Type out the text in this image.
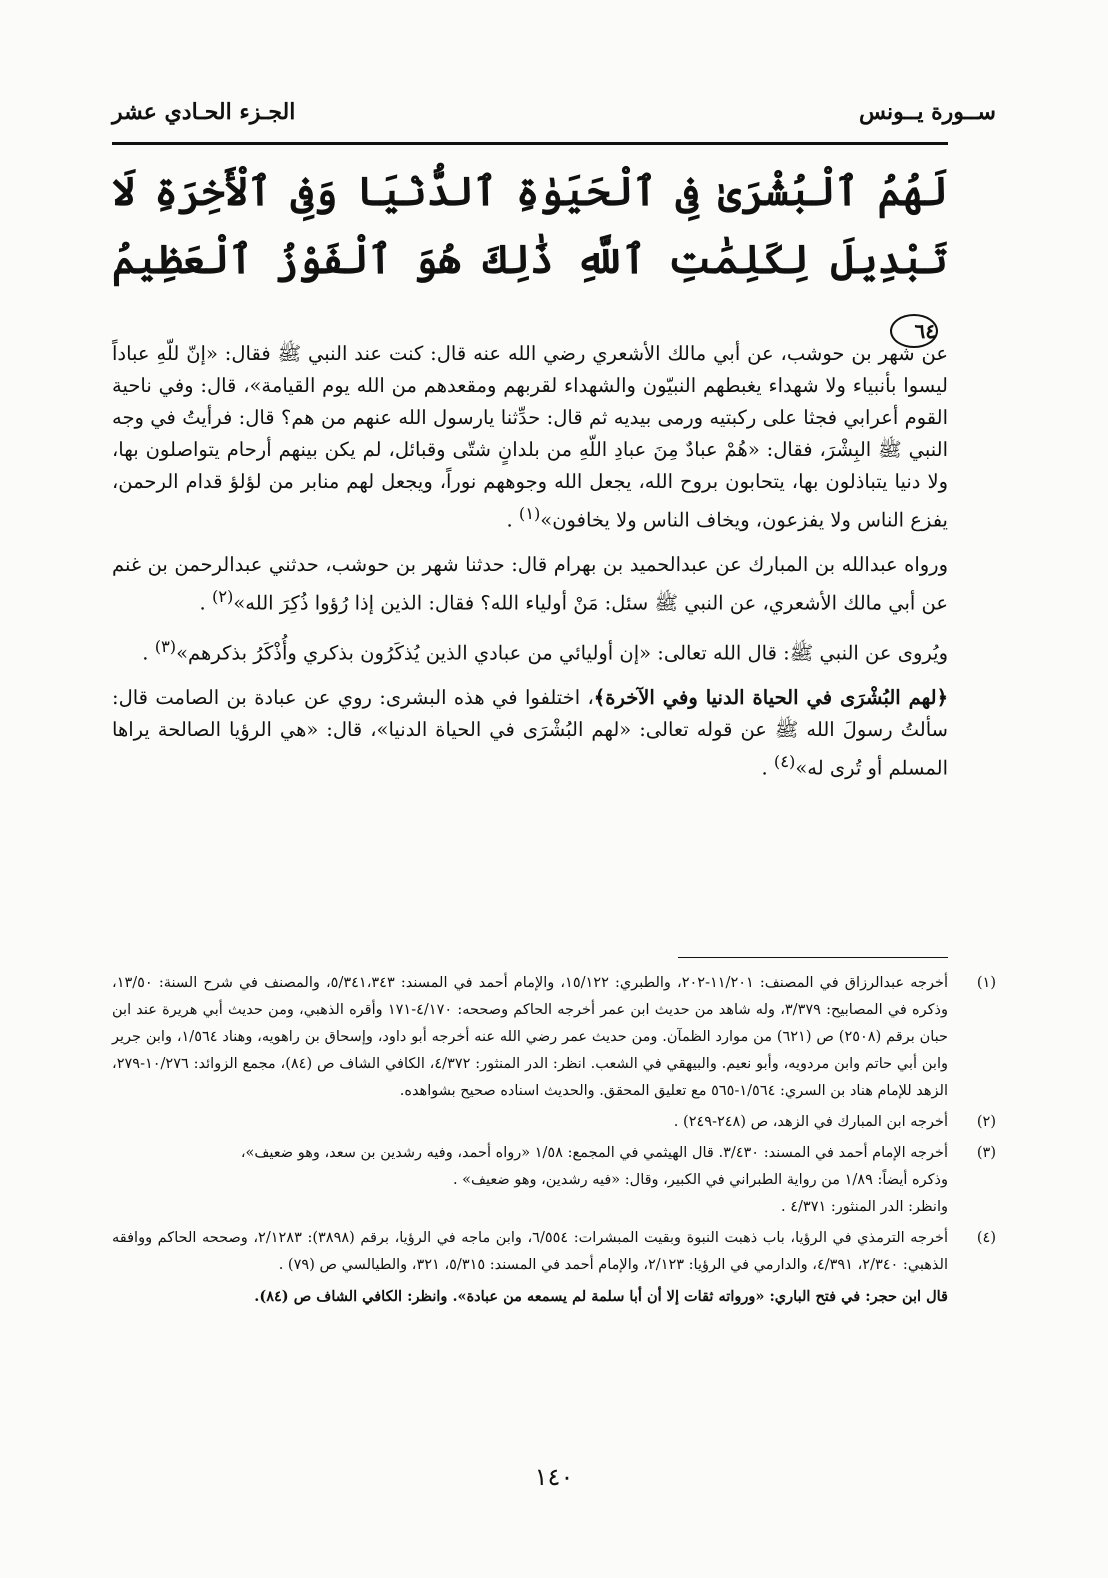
ســورة يــونس
الجـزء الحـادي عشر
لَهُمُ ٱلْبُشْرَىٰ فِى ٱلْحَيَوٰةِ ٱلدُّنْيَا وَفِى ٱلْأَخِرَةِ لَا تَبْدِيلَ لِكَلِمَٰتِ ٱللَّهِ ذَٰلِكَ هُوَ ٱلْفَوْزُ ٱلْعَظِيمُ ٦٤

عن شهر بن حوشب، عن أبي مالك الأشعري رضي الله عنه قال: كنت عند النبي ﷺ فقال: «إنّ للّهِ عباداً ليسوا بأنبياء ولا شهداء يغبطهم النبيّون والشهداء لقربهم ومقعدهم من الله يوم القيامة»، قال: وفي ناحية القوم أعرابي فجثا على ركبتيه ورمى بيديه ثم قال: حدِّثنا يارسول الله عنهم من هم؟ قال: فرأيتُ في وجه النبي ﷺ البِشْرَ، فقال: «هُمْ عبادٌ مِنَ عبادِ اللّهِ من بلدانٍ شتّى وقبائل، لم يكن بينهم أرحام يتواصلون بها، ولا دنيا يتباذلون بها، يتحابون بروح الله، يجعل الله وجوههم نوراً، ويجعل لهم منابر من لؤلؤ قدام الرحمن، يفزع الناس ولا يفزعون، ويخاف الناس ولا يخافون»$^{(١)}$ .

ورواه عبدالله بن المبارك عن عبدالحميد بن بهرام قال: حدثنا شهر بن حوشب، حدثني عبدالرحمن بن غنم عن أبي مالك الأشعري، عن النبي ﷺ سئل: مَنْ أولياء الله؟ فقال: الذين إذا رُؤوا ذُكِرَ الله»$^{(٢)}$ .

ويُروى عن النبي ﷺ: قال الله تعالى: «إن أوليائي من عبادي الذين يُذكَرُون بذكري وأُذْكَرُ بذكرهم»$^{(٣)}$ .

﴿لهم البُشْرَى في الحياة الدنيا وفي الآخرة﴾، اختلفوا في هذه البشرى: روي عن عبادة بن الصامت قال: سألتُ رسولَ الله ﷺ عن قوله تعالى: «لهم البُشْرَى في الحياة الدنيا»، قال: «هي الرؤيا الصالحة يراها المسلم أو تُرى له»$^{(٤)}$ .

(١)
أخرجه عبدالرزاق في المصنف: ١١/٢٠١-٢٠٢، والطبري: ١٥/١٢٢، والإمام أحمد في المسند: ٥/٣٤١،٣٤٣، والمصنف في شرح السنة: ١٣/٥٠، وذكره في المصابيح: ٣/٣٧٩، وله شاهد من حديث ابن عمر أخرجه الحاكم وصححه: ٤/١٧٠-١٧١ وأقره الذهبي، ومن حديث أبي هريرة عند ابن حبان برقم (٢٥٠٨) ص (٦٢١) من موارد الظمآن. ومن حديث عمر رضي الله عنه أخرجه أبو داود، وإسحاق بن راهويه، وهناد ١/٥٦٤، وابن جرير وابن أبي حاتم وابن مردويه، وأبو نعيم. والبيهقي في الشعب. انظر: الدر المنثور: ٤/٣٧٢، الكافي الشاف ص (٨٤)، مجمع الزوائد: ١٠/٢٧٦-٢٧٩، الزهد للإمام هناد بن السري: ١/٥٦٤-٥٦٥ مع تعليق المحقق. والحديث اسناده صحيح بشواهده.
(٢)
أخرجه ابن المبارك في الزهد، ص (٢٤٨-٢٤٩) .
(٣)
أخرجه الإمام أحمد في المسند: ٣/٤٣٠. قال الهيثمي في المجمع: ١/٥٨ «رواه أحمد، وفيه رشدين بن سعد، وهو ضعيف»،
وذكره أيضاً: ١/٨٩ من رواية الطبراني في الكبير، وقال: «فيه رشدين، وهو ضعيف» .
وانظر: الدر المنثور: ٤/٣٧١ .
(٤)
أخرجه الترمذي في الرؤيا، باب ذهبت النبوة وبقيت المبشرات: ٦/٥٥٤، وابن ماجه في الرؤيا، برقم (٣٨٩٨): ٢/١٢٨٣، وصححه الحاكم ووافقه الذهبي: ٢/٣٤٠، ٤/٣٩١، والدارمي في الرؤيا: ٢/١٢٣، والإمام أحمد في المسند: ٥/٣١٥، ٣٢١، والطيالسي ص (٧٩) .
قال ابن حجر: في فتح الباري: «ورواته ثقات إلا أن أبا سلمة لم يسمعه من عبادة». وانظر: الكافي الشاف ص (٨٤).
١٤٠
